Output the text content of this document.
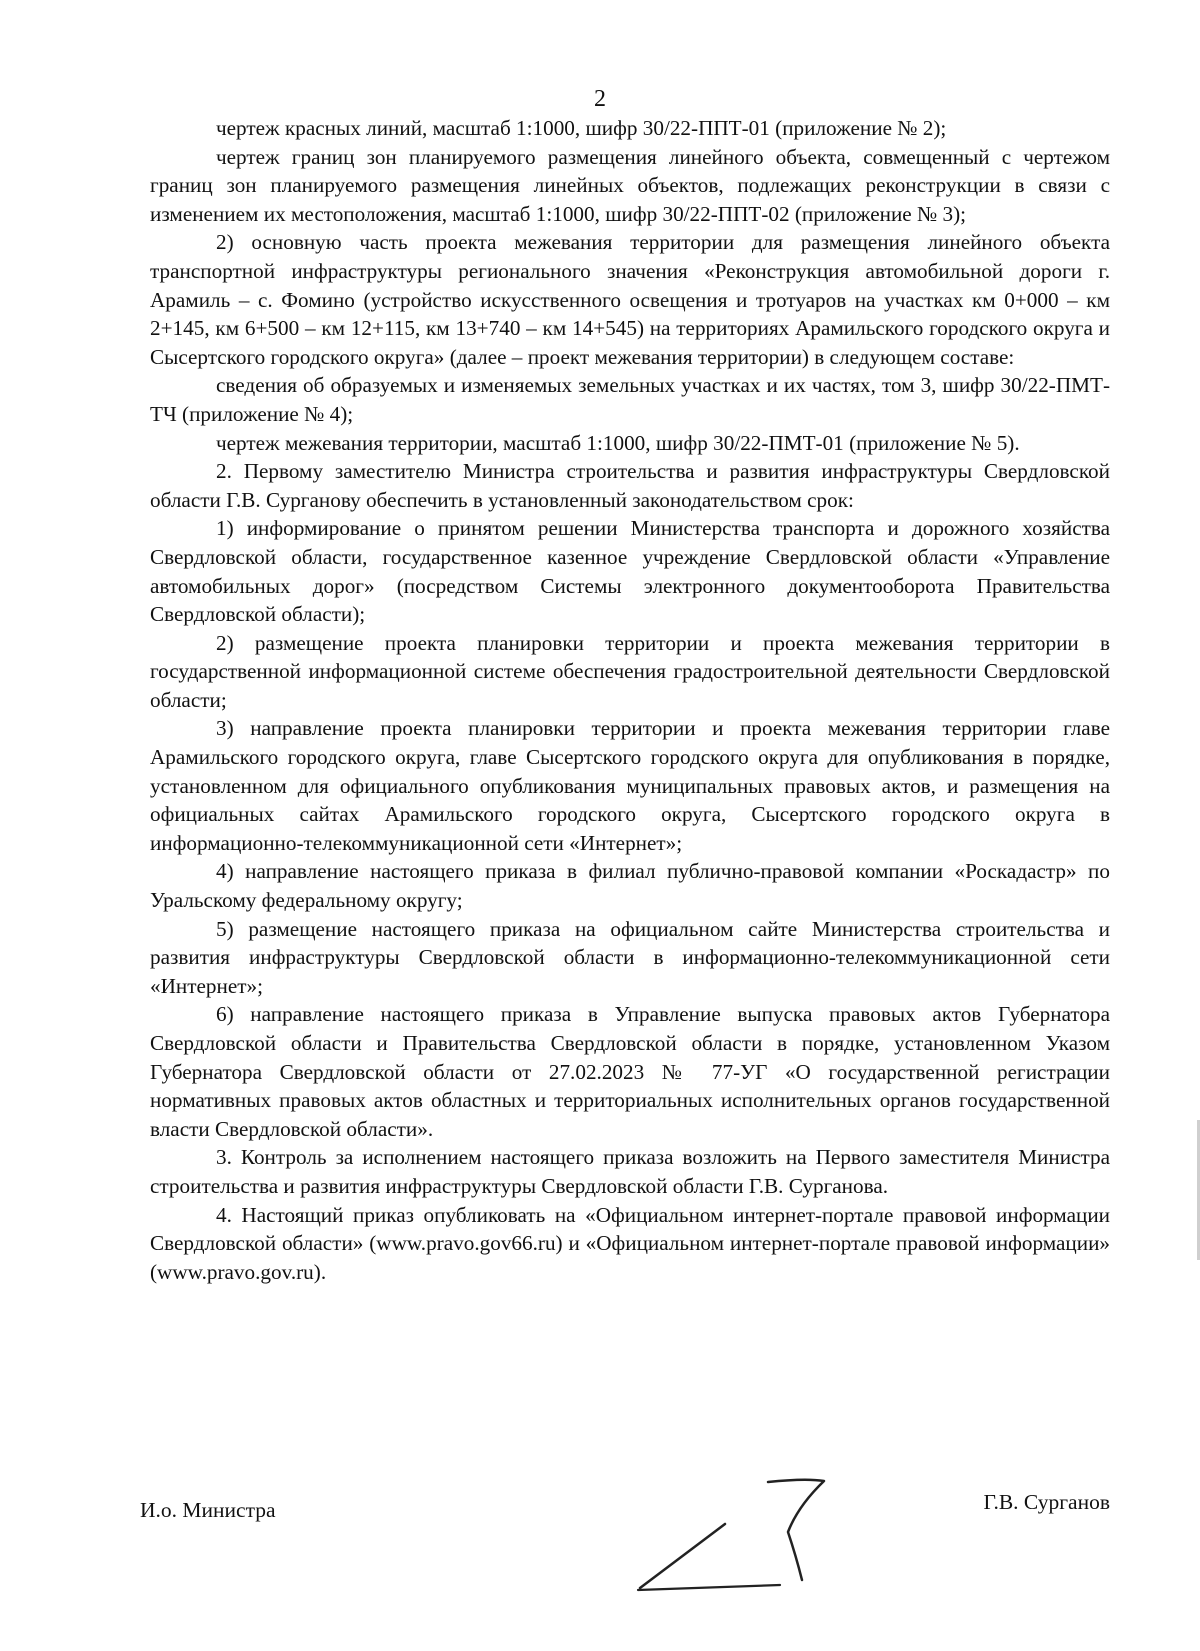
2

чертеж красных линий, масштаб 1:1000, шифр 30/22-ППТ-01 (приложение № 2);

чертеж границ зон планируемого размещения линейного объекта, совмещенный с чертежом границ зон планируемого размещения линейных объектов, подлежащих реконструкции в связи с изменением их местоположения, масштаб 1:1000, шифр 30/22-ППТ-02 (приложение № 3);

2) основную часть проекта межевания территории для размещения линейного объекта транспортной инфраструктуры регионального значения «Реконструкция автомобильной дороги г. Арамиль – с. Фомино (устройство искусственного освещения и тротуаров на участках км 0+000 – км 2+145, км 6+500 – км 12+115, км 13+740 – км 14+545) на территориях Арамильского городского округа и Сысертского городского округа» (далее – проект межевания территории) в следующем составе:

сведения об образуемых и изменяемых земельных участках и их частях, том 3, шифр 30/22-ПМТ-ТЧ (приложение № 4);

чертеж межевания территории, масштаб 1:1000, шифр 30/22-ПМТ-01 (приложение № 5).

2. Первому заместителю Министра строительства и развития инфраструктуры Свердловской области Г.В. Сурганову обеспечить в установленный законодательством срок:

1) информирование о принятом решении Министерства транспорта и дорожного хозяйства Свердловской области, государственное казенное учреждение Свердловской области «Управление автомобильных дорог» (посредством Системы электронного документооборота Правительства Свердловской области);

2) размещение проекта планировки территории и проекта межевания территории в государственной информационной системе обеспечения градостроительной деятельности Свердловской области;

3) направление проекта планировки территории и проекта межевания территории главе Арамильского городского округа, главе Сысертского городского округа для опубликования в порядке, установленном для официального опубликования муниципальных правовых актов, и размещения на официальных сайтах Арамильского городского округа, Сысертского городского округа в информационно-телекоммуникационной сети «Интернет»;

4) направление настоящего приказа в филиал публично-правовой компании «Роскадастр» по Уральскому федеральному округу;

5) размещение настоящего приказа на официальном сайте Министерства строительства и развития инфраструктуры Свердловской области в информационно-телекоммуникационной сети «Интернет»;

6) направление настоящего приказа в Управление выпуска правовых актов Губернатора Свердловской области и Правительства Свердловской области в порядке, установленном Указом Губернатора Свердловской области от 27.02.2023 № 77-УГ «О государственной регистрации нормативных правовых актов областных и территориальных исполнительных органов государственной власти Свердловской области».

3. Контроль за исполнением настоящего приказа возложить на Первого заместителя Министра строительства и развития инфраструктуры Свердловской области Г.В. Сурганова.

4. Настоящий приказ опубликовать на «Официальном интернет-портале правовой информации Свердловской области» (www.pravo.gov66.ru) и «Официальном интернет-портале правовой информации» (www.pravo.gov.ru).

И.о. Министра	Г.В. Сурганов
